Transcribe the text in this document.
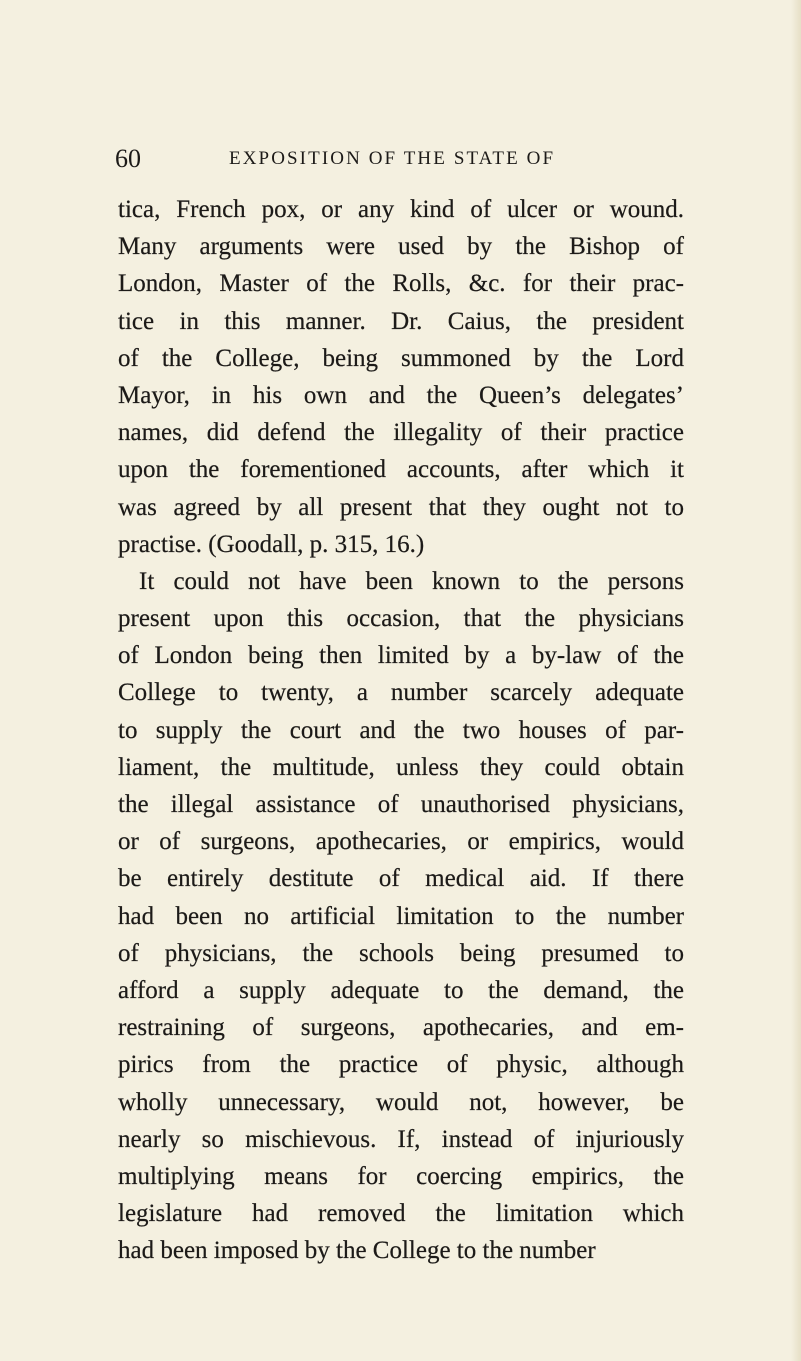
60	EXPOSITION OF THE STATE OF
tica, French pox, or any kind of ulcer or wound.
Many arguments were used by the Bishop of
London, Master of the Rolls, &c. for their prac-
tice in this manner. Dr. Caius, the president
of the College, being summoned by the Lord
Mayor, in his own and the Queen’s delegates’
names, did defend the illegality of their practice
upon the forementioned accounts, after which it
was agreed by all present that they ought not to
practise. (Goodall, p. 315, 16.)
It could not have been known to the persons
present upon this occasion, that the physicians
of London being then limited by a by-law of the
College to twenty, a number scarcely adequate
to supply the court and the two houses of par-
liament, the multitude, unless they could obtain
the illegal assistance of unauthorised physicians,
or of surgeons, apothecaries, or empirics, would
be entirely destitute of medical aid. If there
had been no artificial limitation to the number
of physicians, the schools being presumed to
afford a supply adequate to the demand, the
restraining of surgeons, apothecaries, and em-
pirics from the practice of physic, although
wholly unnecessary, would not, however, be
nearly so mischievous. If, instead of injuriously
multiplying means for coercing empirics, the
legislature had removed the limitation which
had been imposed by the College to the number
